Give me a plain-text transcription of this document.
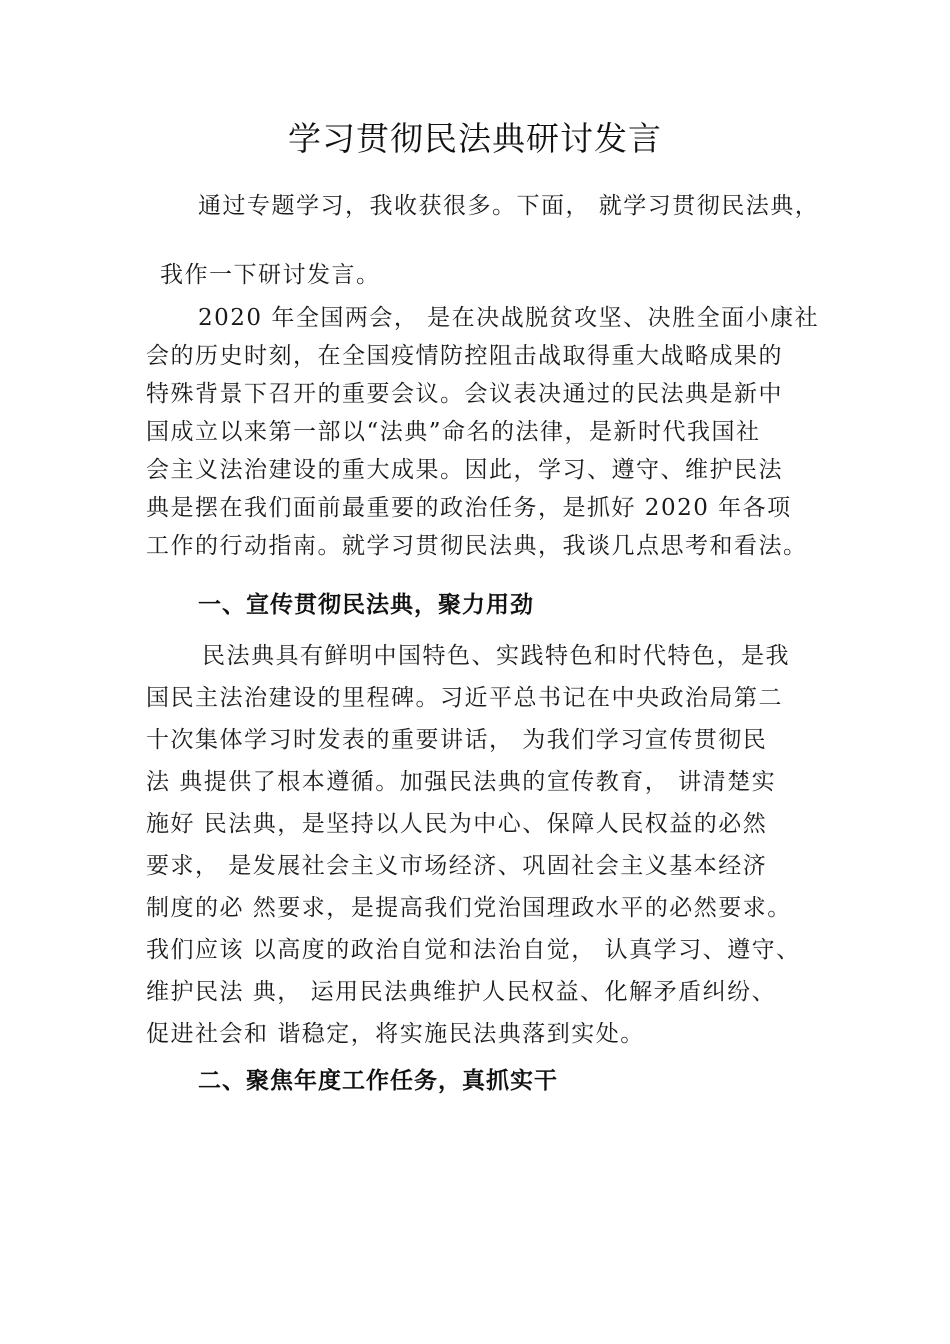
学习贯彻民法典研讨发言
通过专题学习，我收获很多。下面， 就学习贯彻民法典，
我作一下研讨发言。
2020 年全国两会， 是在决战脱贫攻坚、决胜全面小康社
会的历史时刻，在全国疫情防控阻击战取得重大战略成果的
特殊背景下召开的重要会议。会议表决通过的民法典是新中
国成立以来第一部以“法典”命名的法律，是新时代我国社
会主义法治建设的重大成果。因此，学习、遵守、维护民法
典是摆在我们面前最重要的政治任务，是抓好 2020 年各项
工作的行动指南。就学习贯彻民法典，我谈几点思考和看法。
一、宣传贯彻民法典，聚力用劲
民法典具有鲜明中国特色、实践特色和时代特色，是我
国民主法治建设的里程碑。习近平总书记在中央政治局第二
十次集体学习时发表的重要讲话， 为我们学习宣传贯彻民
法 典提供了根本遵循。加强民法典的宣传教育， 讲清楚实
施好 民法典，是坚持以人民为中心、保障人民权益的必然
要求， 是发展社会主义市场经济、巩固社会主义基本经济
制度的必 然要求，是提高我们党治国理政水平的必然要求。
我们应该 以高度的政治自觉和法治自觉， 认真学习、遵守、
维护民法 典， 运用民法典维护人民权益、化解矛盾纠纷、
促进社会和 谐稳定，将实施民法典落到实处。
二、聚焦年度工作任务，真抓实干
